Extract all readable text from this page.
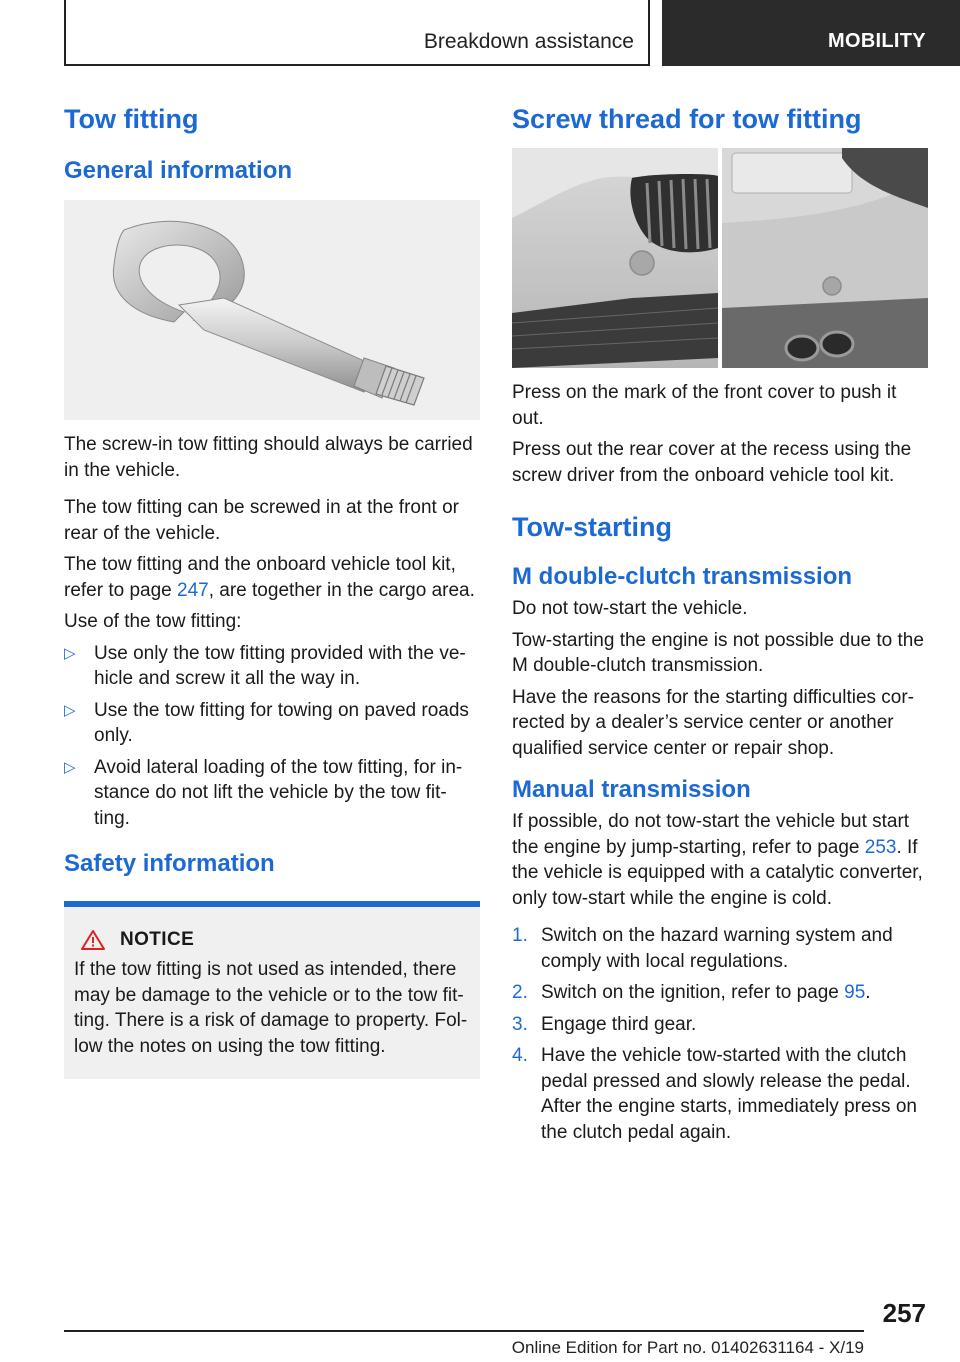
Breakdown assistance	MOBILITY
Tow fitting
General information

The screw-in tow fitting should always be carried in the vehicle.

The tow fitting can be screwed in at the front or rear of the vehicle.

The tow fitting and the onboard vehicle tool kit, refer to page 247, are together in the cargo area.

Use of the tow fitting:

▷ Use only the tow fitting provided with the ve‐hicle and screw it all the way in.
▷ Use the tow fitting for towing on paved roads only.
▷ Avoid lateral loading of the tow fitting, for in‐stance do not lift the vehicle by the tow fit‐ting.
Safety information
NOTICE

If the tow fitting is not used as intended, there may be damage to the vehicle or to the tow fit‐ting. There is a risk of damage to property. Fol‐low the notes on using the tow fitting.

Screw thread for tow fitting

Press on the mark of the front cover to push it out.

Press out the rear cover at the recess using the screw driver from the onboard vehicle tool kit.

Tow-starting
M double-clutch transmission

Do not tow-start the vehicle.

Tow-starting the engine is not possible due to the M double-clutch transmission.

Have the reasons for the starting difficulties cor‐rected by a dealer’s service center or another qualified service center or repair shop.

Manual transmission

If possible, do not tow-start the vehicle but start the engine by jump-starting, refer to page 253. If the vehicle is equipped with a catalytic converter, only tow-start while the engine is cold.

1. Switch on the hazard warning system and comply with local regulations.
2. Switch on the ignition, refer to page 95.
3. Engage third gear.
4. Have the vehicle tow-started with the clutch pedal pressed and slowly release the pedal. After the engine starts, immediately press on the clutch pedal again.
257
Online Edition for Part no. 01402631164 - X/19
